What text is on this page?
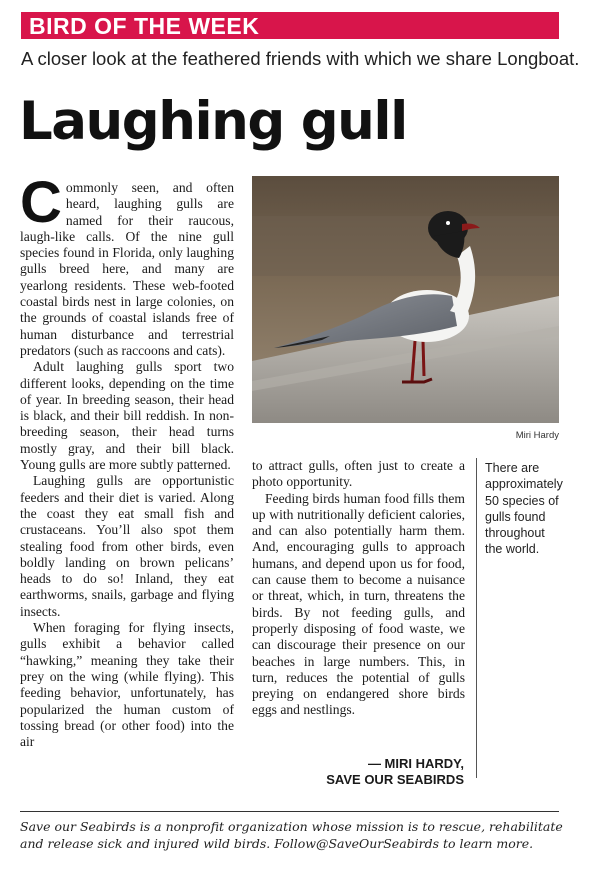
BIRD OF THE WEEK
A closer look at the feathered friends with which we share Longboat.
Laughing gull

Commonly seen, and often heard, laughing gulls are named for their raucous, laugh-like calls. Of the nine gull species found in Florida, only laughing gulls breed here, and many are yearlong residents. These web-footed coastal birds nest in large colonies, on the grounds of coastal islands free of human disturbance and terrestrial predators (such as raccoons and cats).

Adult laughing gulls sport two different looks, depending on the time of year. In breeding season, their head is black, and their bill reddish. In non-breeding season, their head turns mostly gray, and their bill black. Young gulls are more subtly patterned.

Laughing gulls are opportunistic feeders and their diet is varied. Along the coast they eat small fish and crustaceans. You’ll also spot them stealing food from other birds, even boldly landing on brown pelicans’ heads to do so! Inland, they eat earthworms, snails, garbage and flying insects.

When foraging for flying insects, gulls exhibit a behavior called “hawking,” meaning they take their prey on the wing (while flying). This feeding behavior, unfortunately, has popularized the human custom of tossing bread (or other food) into the air

Miri Hardy

to attract gulls, often just to create a photo opportunity.

Feeding birds human food fills them up with nutritionally deficient calories, and can also potentially harm them. And, encouraging gulls to approach humans, and depend upon us for food, can cause them to become a nuisance or threat, which, in turn, threatens the birds. By not feeding gulls, and properly disposing of food waste, we can discourage their presence on our beaches in large numbers. This, in turn, reduces the potential of gulls preying on endangered shore birds eggs and nestlings.

There are approximately 50 species of gulls found throughout the world.
— MIRI HARDY,
SAVE OUR SEABIRDS
Save our Seabirds is a nonprofit organization whose mission is to rescue, rehabilitate and release sick and injured wild birds. Follow@SaveOurSeabirds to learn more.
